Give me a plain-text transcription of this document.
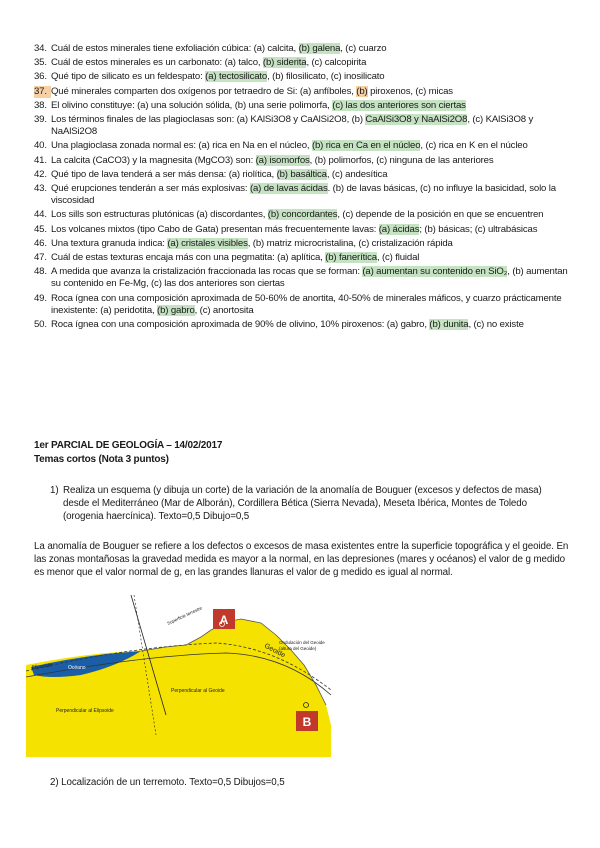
34. Cuál de estos minerales tiene exfoliación cúbica: (a) calcita, (b) galena, (c) cuarzo
35. Cuál de estos minerales es un carbonato: (a) talco, (b) siderita, (c) calcopirita
36. Qué tipo de silicato es un feldespato: (a) tectosilicato, (b) filosilicato, (c) inosilicato
37. Qué minerales comparten dos oxígenos por tetraedro de Si: (a) anfíboles, (b) piroxenos, (c) micas
38. El olivino constituye: (a) una solución sólida, (b) una serie polimorfa, (c) las dos anteriores son ciertas
39. Los términos finales de las plagioclasas son: (a) KAlSi3O8 y CaAlSi2O8, (b) CaAlSi3O8 y NaAlSi2O8, (c) KAlSi3O8 y NaAlSi2O8
40. Una plagioclasa zonada normal es: (a) rica en Na en el núcleo, (b) rica en Ca en el núcleo, (c) rica en K en el núcleo
41. La calcita (CaCO3) y la magnesita (MgCO3) son: (a) isomorfos, (b) polimorfos, (c) ninguna de las anteriores
42. Qué tipo de lava tenderá a ser más densa: (a) riolítica, (b) basáltica, (c) andesítica
43. Qué erupciones tenderán a ser más explosivas: (a) de lavas ácidas. (b) de lavas básicas, (c) no influye la basicidad, solo la viscosidad
44. Los sills son estructuras plutónicas (a) discordantes, (b) concordantes, (c) depende de la posición en que se encuentren
45. Los volcanes mixtos (tipo Cabo de Gata) presentan más frecuentemente lavas: (a) ácidas; (b) básicas; (c) ultrabásicas
46. Una textura granuda indica: (a) cristales visibles, (b) matriz microcristalina, (c) cristalización rápida
47. Cuál de estas texturas encaja más con una pegmatita: (a) aplítica, (b) fanerítica, (c) fluidal
48. A medida que avanza la cristalización fraccionada las rocas que se forman: (a) aumentan su contenido en SiO₂, (b) aumentan su contenido en Fe-Mg, (c) las dos anteriores son ciertas
49. Roca ígnea con una composición aproximada de 50-60% de anortita, 40-50% de minerales máficos, y cuarzo prácticamente inexistente: (a) peridotita, (b) gabro, (c) anortosita
50. Roca ígnea con una composición aproximada de 90% de olivino, 10% piroxenos: (a) gabro, (b) dunita, (c) no existe
1er PARCIAL DE GEOLOGÍA – 14/02/2017
Temas cortos (Nota 3 puntos)
1) Realiza un esquema (y dibuja un corte) de la variación de la anomalía de Bouguer (excesos y defectos de masa) desde el Mediterráneo (Mar de Alborán), Cordillera Bética (Sierra Nevada), Meseta Ibérica, Montes de Toledo (orogenia haercínica). Texto=0,5 Dibujo=0,5
La anomalía de Bouguer se refiere a los defectos o excesos de masa existentes entre la superficie topográfica y el geoide. En las zonas montañosas la gravedad medida es mayor a la normal, en las depresiones (mares y océanos) el valor de g medido es menor que el valor normal de g, en las grandes llanuras el valor de g medido es igual al normal.
A
B
Superficie terrestre
Geoide
Ondulación del Geoide
(altura del Geoide)
Elipsoide	Océano
Perpendicular al Geoide
Perpendicular al Elipsoide
2) Localización de un terremoto. Texto=0,5 Dibujos=0,5
